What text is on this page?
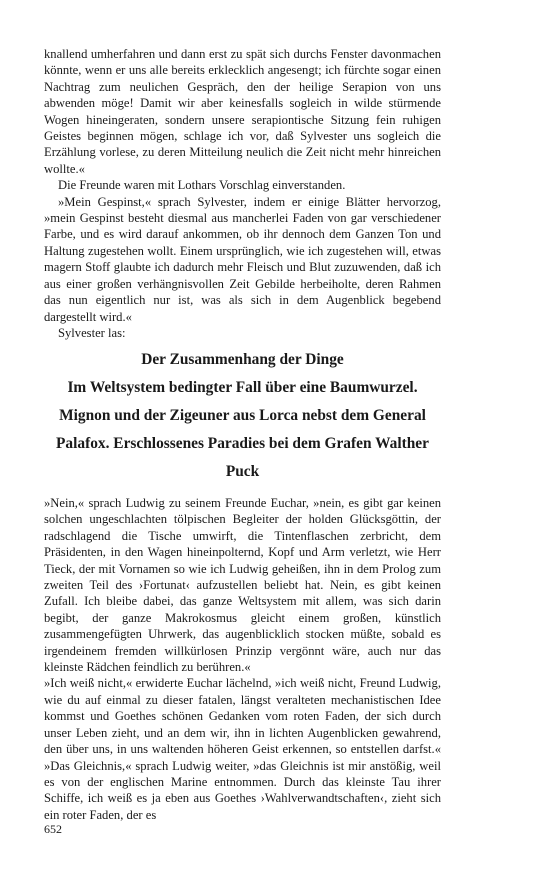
knallend umherfahren und dann erst zu spät sich durchs Fenster davonmachen könnte, wenn er uns alle bereits erklecklich angesengt; ich fürchte sogar einen Nachtrag zum neulichen Gespräch, den der heilige Serapion von uns abwenden möge! Damit wir aber keinesfalls sogleich in wilde stürmende Wogen hineingeraten, sondern unsere serapiontische Sitzung fein ruhigen Geistes beginnen mögen, schlage ich vor, daß Sylvester uns sogleich die Erzählung vorlese, zu deren Mitteilung neulich die Zeit nicht mehr hinreichen wollte.«

Die Freunde waren mit Lothars Vorschlag einverstanden.

»Mein Gespinst,« sprach Sylvester, indem er einige Blätter hervorzog, »mein Gespinst besteht diesmal aus mancherlei Faden von gar verschiedener Farbe, und es wird darauf ankommen, ob ihr dennoch dem Ganzen Ton und Haltung zugestehen wollt. Einem ursprünglich, wie ich zugestehen will, etwas magern Stoff glaubte ich dadurch mehr Fleisch und Blut zuzuwenden, daß ich aus einer großen verhängnisvollen Zeit Gebilde herbeiholte, deren Rahmen das nun eigentlich nur ist, was als sich in dem Augenblick begebend dargestellt wird.«

Sylvester las:

Der Zusammenhang der Dinge
Im Weltsystem bedingter Fall über eine Baumwurzel.
Mignon und der Zigeuner aus Lorca nebst dem General
Palafox. Erschlossenes Paradies bei dem Grafen Walther
Puck

»Nein,« sprach Ludwig zu seinem Freunde Euchar, »nein, es gibt gar keinen solchen ungeschlachten tölpischen Begleiter der holden Glücksgöttin, der radschlagend die Tische umwirft, die Tintenflaschen zerbricht, dem Präsidenten, in den Wagen hineinpolternd, Kopf und Arm verletzt, wie Herr Tieck, der mit Vornamen so wie ich Ludwig geheißen, ihn in dem Prolog zum zweiten Teil des ›Fortunat‹ aufzustellen beliebt hat. Nein, es gibt keinen Zufall. Ich bleibe dabei, das ganze Weltsystem mit allem, was sich darin begibt, der ganze Makrokosmus gleicht einem großen, künstlich zusammengefügten Uhrwerk, das augenblicklich stocken müßte, sobald es irgendeinem fremden willkürlosen Prinzip vergönnt wäre, auch nur das kleinste Rädchen feindlich zu berühren.«

»Ich weiß nicht,« erwiderte Euchar lächelnd, »ich weiß nicht, Freund Ludwig, wie du auf einmal zu dieser fatalen, längst veralteten mechanistischen Idee kommst und Goethes schönen Gedanken vom roten Faden, der sich durch unser Leben zieht, und an dem wir, ihn in lichten Augenblicken gewahrend, den über uns, in uns waltenden höheren Geist erkennen, so entstellen darfst.« »Das Gleichnis,« sprach Ludwig weiter, »das Gleichnis ist mir anstößig, weil es von der englischen Marine entnommen. Durch das kleinste Tau ihrer Schiffe, ich weiß es ja eben aus Goethes ›Wahlverwandtschaften‹, zieht sich ein roter Faden, der es

652
